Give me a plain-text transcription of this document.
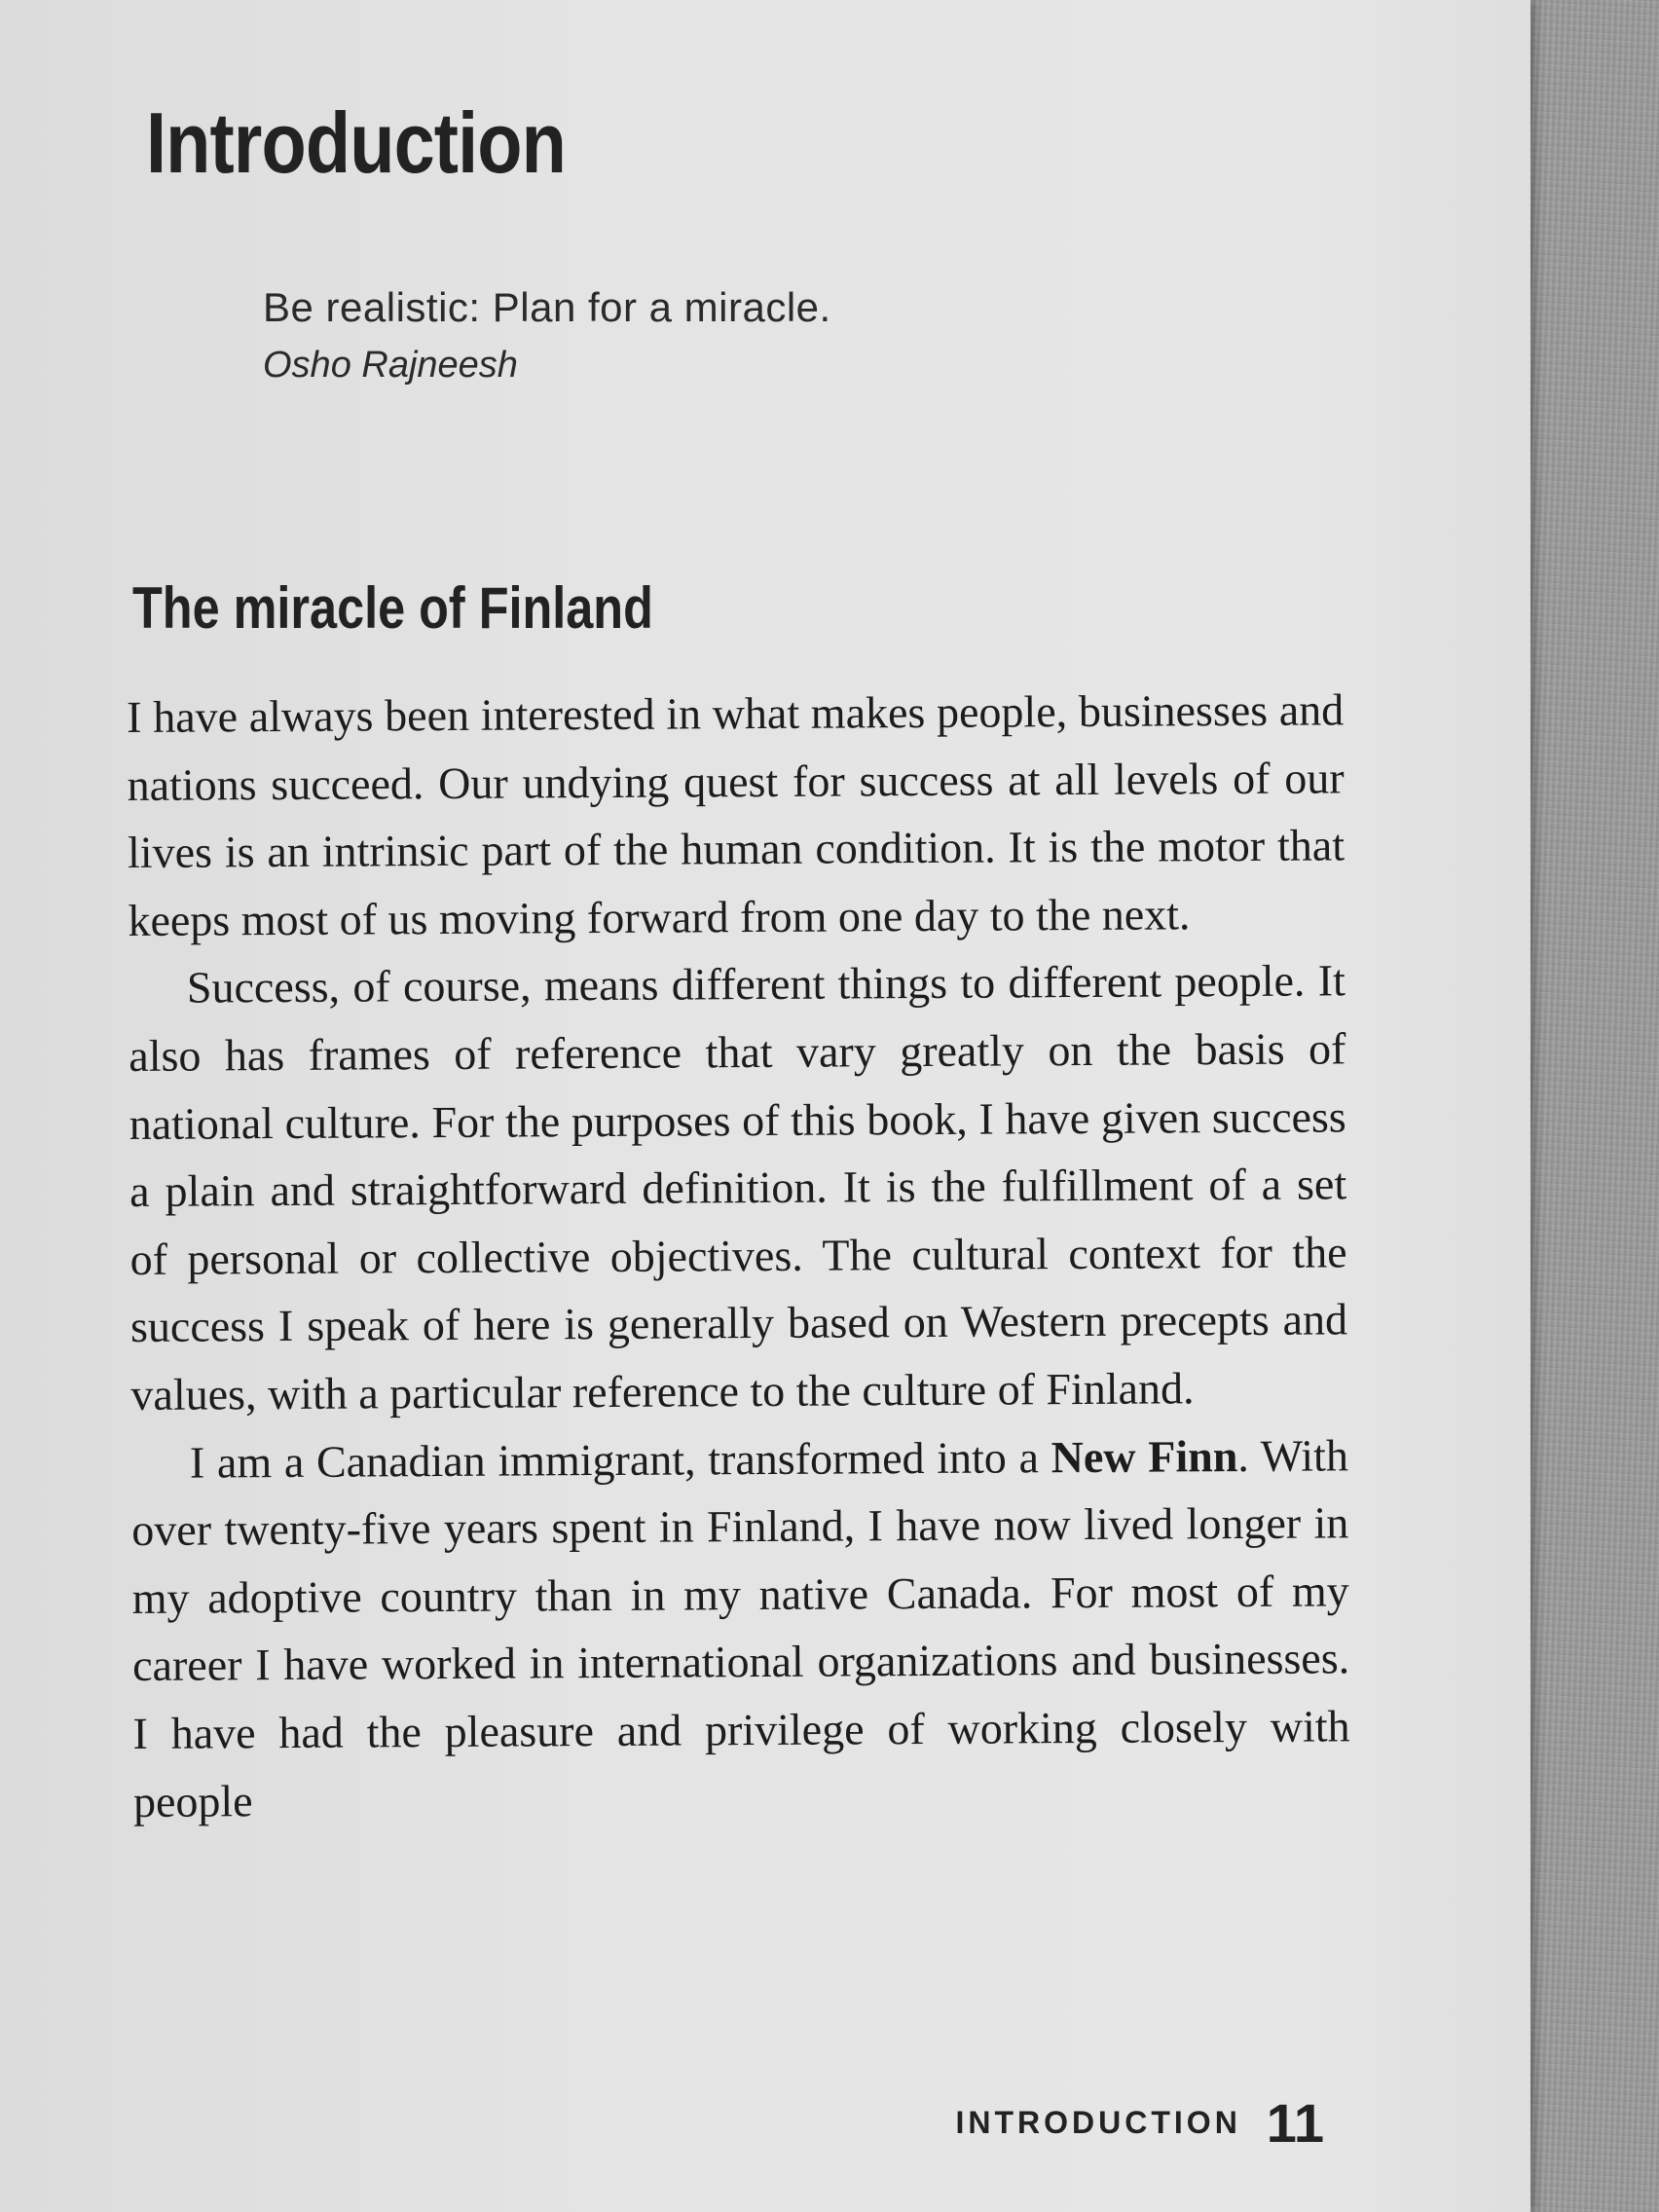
Introduction

Be realistic: Plan for a miracle.

Osho Rajneesh

The miracle of Finland

I have always been interested in what makes people, businesses and nations succeed. Our undying quest for success at all levels of our lives is an intrinsic part of the human condition. It is the motor that keeps most of us moving forward from one day to the next.

Success, of course, means different things to different people. It also has frames of reference that vary greatly on the basis of national culture. For the purposes of this book, I have given success a plain and straightforward definition. It is the fulfillment of a set of personal or collective objectives. The cultural context for the success I speak of here is generally based on Western precepts and values, with a particular reference to the culture of Finland.

I am a Canadian immigrant, transformed into a New Finn. With over twenty-five years spent in Finland, I have now lived longer in my adoptive country than in my native Canada. For most of my career I have worked in international organizations and businesses. I have had the pleasure and privilege of working closely with people

INTRODUCTION 11
